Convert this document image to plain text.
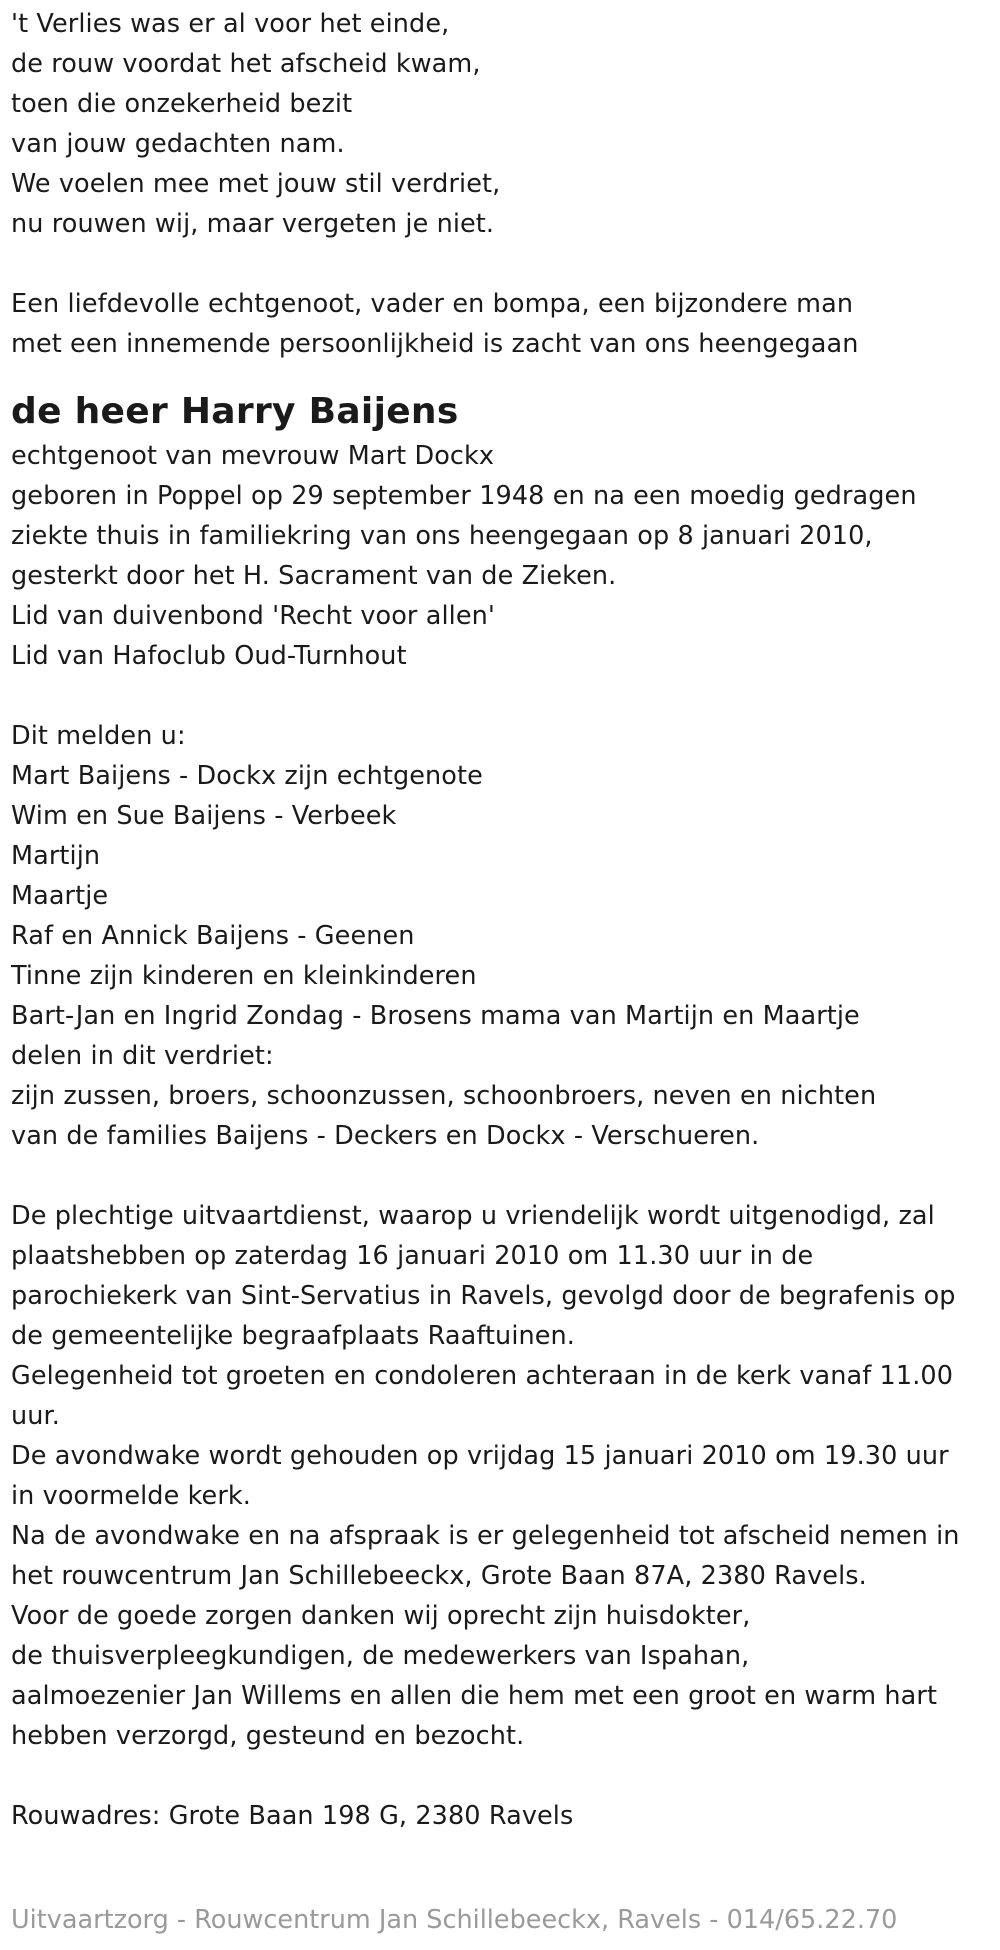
't Verlies was er al voor het einde,
de rouw voordat het afscheid kwam,
toen die onzekerheid bezit
van jouw gedachten nam.
We voelen mee met jouw stil verdriet,
nu rouwen wij, maar vergeten je niet.
Een liefdevolle echtgenoot, vader en bompa, een bijzondere man
met een innemende persoonlijkheid is zacht van ons heengegaan
de heer Harry Baijens
echtgenoot van mevrouw Mart Dockx
geboren in Poppel op 29 september 1948 en na een moedig gedragen
ziekte thuis in familiekring van ons heengegaan op 8 januari 2010,
gesterkt door het H. Sacrament van de Zieken.
Lid van duivenbond 'Recht voor allen'
Lid van Hafoclub Oud-Turnhout
Dit melden u:
Mart Baijens - Dockx zijn echtgenote
Wim en Sue Baijens - Verbeek
Martijn
Maartje
Raf en Annick Baijens - Geenen
Tinne zijn kinderen en kleinkinderen
Bart-Jan en Ingrid Zondag - Brosens mama van Martijn en Maartje
delen in dit verdriet:
zijn zussen, broers, schoonzussen, schoonbroers, neven en nichten
van de families Baijens - Deckers en Dockx - Verschueren.
De plechtige uitvaartdienst, waarop u vriendelijk wordt uitgenodigd, zal
plaatshebben op zaterdag 16 januari 2010 om 11.30 uur in de
parochiekerk van Sint-Servatius in Ravels, gevolgd door de begrafenis op
de gemeentelijke begraafplaats Raaftuinen.
Gelegenheid tot groeten en condoleren achteraan in de kerk vanaf 11.00
uur.
De avondwake wordt gehouden op vrijdag 15 januari 2010 om 19.30 uur
in voormelde kerk.
Na de avondwake en na afspraak is er gelegenheid tot afscheid nemen in
het rouwcentrum Jan Schillebeeckx, Grote Baan 87A, 2380 Ravels.
Voor de goede zorgen danken wij oprecht zijn huisdokter,
de thuisverpleegkundigen, de medewerkers van Ispahan,
aalmoezenier Jan Willems en allen die hem met een groot en warm hart
hebben verzorgd, gesteund en bezocht.
Rouwadres: Grote Baan 198 G, 2380 Ravels
Uitvaartzorg - Rouwcentrum Jan Schillebeeckx, Ravels - 014/65.22.70
